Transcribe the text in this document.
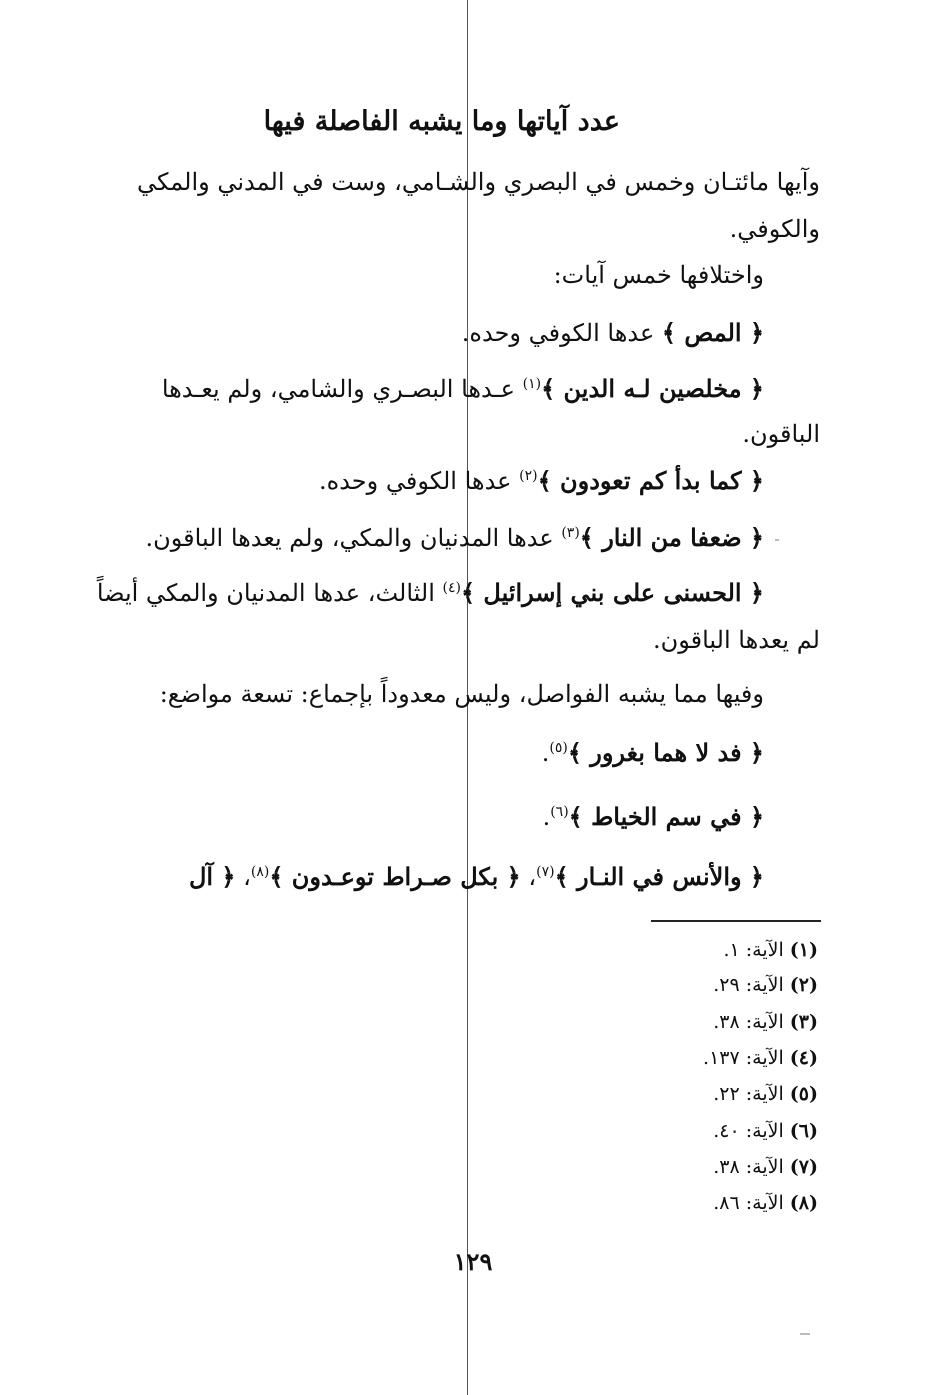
عدد آياتها وما يشبه الفاصلة فيها
وآيها مائتـان وخمس في البصري والشـامي، وست في المدني والمكي
والكوفي.
واختلافها خمس آيات:
﴿ المص ﴾ عدها الكوفي وحده.
﴿ مخلصين لـه الدين ﴾$^{(١)}$ عـدها البصـري والشامي، ولم يعـدها
الباقون.
﴿ كما بدأ كم تعودون ﴾$^{(٢)}$ عدها الكوفي وحده.
﴿ ضعفا من النار ﴾$^{(٣)}$ عدها المدنيان والمكي، ولم يعدها الباقون.
﴿ الحسنى على بني إسرائيل ﴾$^{(٤)}$ الثالث، عدها المدنيان والمكي أيضاً
لم يعدها الباقون.
وفيها مما يشبه الفواصل، وليس معدوداً بإجماع: تسعة مواضع:
﴿ فد لا هما بغرور ﴾$^{(٥)}$.
﴿ في سم الخياط ﴾$^{(٦)}$.
﴿ والأنس في النـار ﴾$^{(٧)}$، ﴿ بكل صـراط توعـدون ﴾$^{(٨)}$، ﴿ آل
(١) الآية: ١.
(٢) الآية: ٢٩.
(٣) الآية: ٣٨.
(٤) الآية: ١٣٧.
(٥) الآية: ٢٢.
(٦) الآية: ٤٠.
(٧) الآية: ٣٨.
(٨) الآية: ٨٦.
١٢٩
